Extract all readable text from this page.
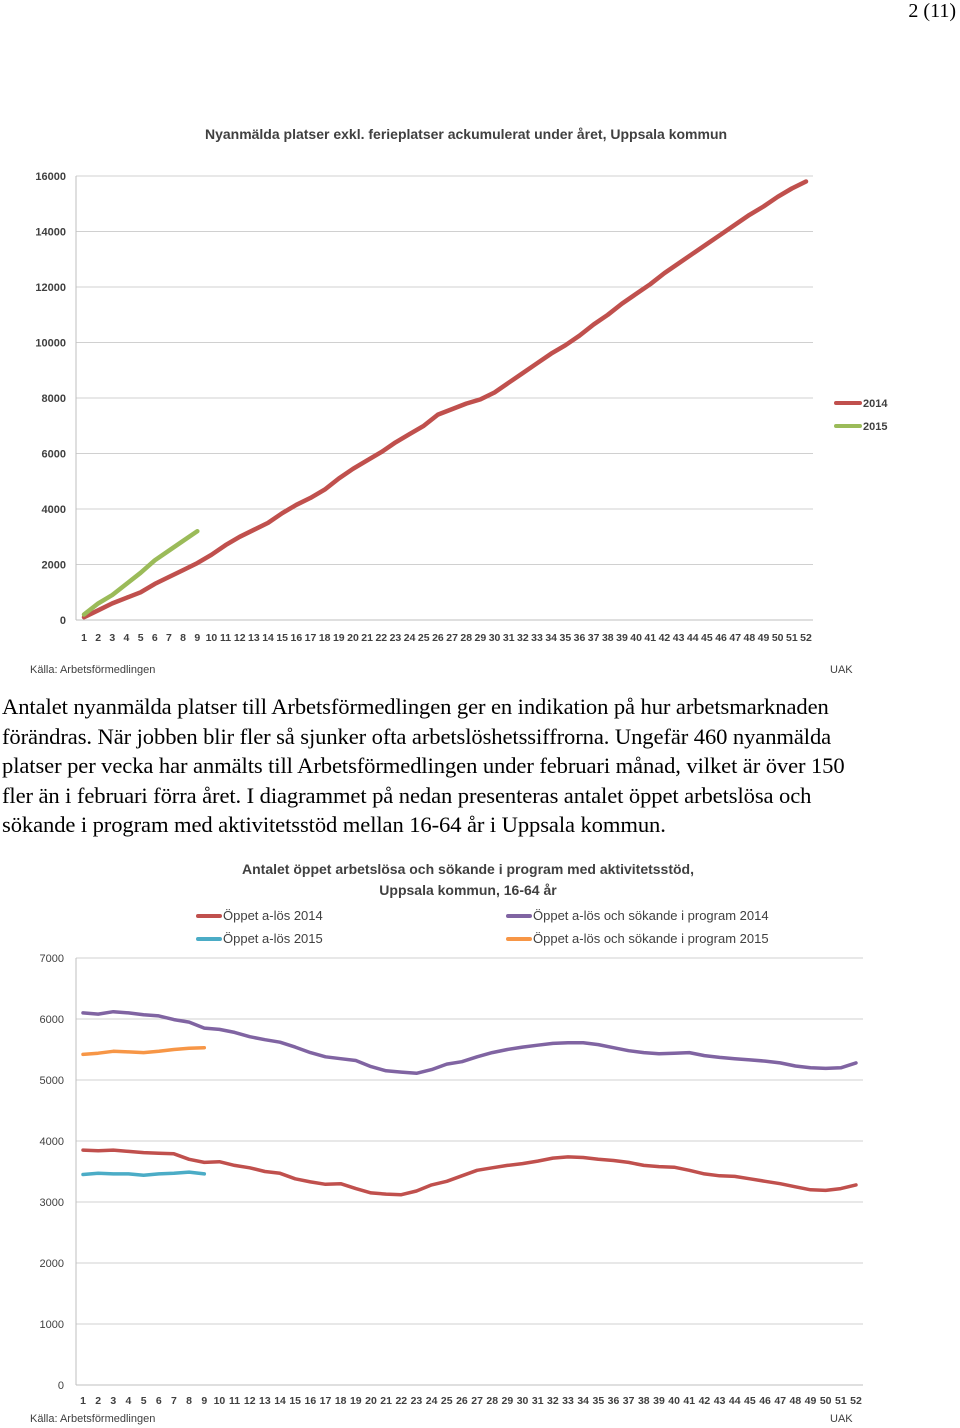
2 (11)
Nyanmälda platser exkl. ferieplatser ackumulerat under året, Uppsala kommun
0
2000
4000
6000
8000
10000
12000
14000
16000
1 2 3 4 5 6 7 8 9 10 11 12 13 14 15 16 17 18 19 20 21 22 23 24 25 26 27 28 29 30 31 32 33 34 35 36 37 38 39 40 41 42 43 44 45 46 47 48 49 50 51 52
2014
2015
Källa: Arbetsförmedlingen	UAK

Antalet nyanmälda platser till Arbetsförmedlingen ger en indikation på hur arbetsmarknaden
förändras. När jobben blir fler så sjunker ofta arbetslöshetssiffrorna. Ungefär 460 nyanmälda
platser per vecka har anmälts till Arbetsförmedlingen under februari månad, vilket är över 150
fler än i februari förra året. I diagrammet på nedan presenteras antalet öppet arbetslösa och
sökande i program med aktivitetsstöd mellan 16-64 år i Uppsala kommun.

Antalet öppet arbetslösa och sökande i program med aktivitetsstöd,
Uppsala kommun, 16-64 år
0
1000
2000
3000
4000
5000
6000
7000
1 2 3 4 5 6 7 8 9 10 11 12 13 14 15 16 17 18 19 20 21 22 23 24 25 26 27 28 29 30 31 32 33 34 35 36 37 38 39 40 41 42 43 44 45 46 47 48 49 50 51 52
Öppet a-lös 2014	Öppet a-lös och sökande i program 2014
Öppet a-lös 2015	Öppet a-lös och sökande i program 2015
Källa: Arbetsförmedlingen	UAK
